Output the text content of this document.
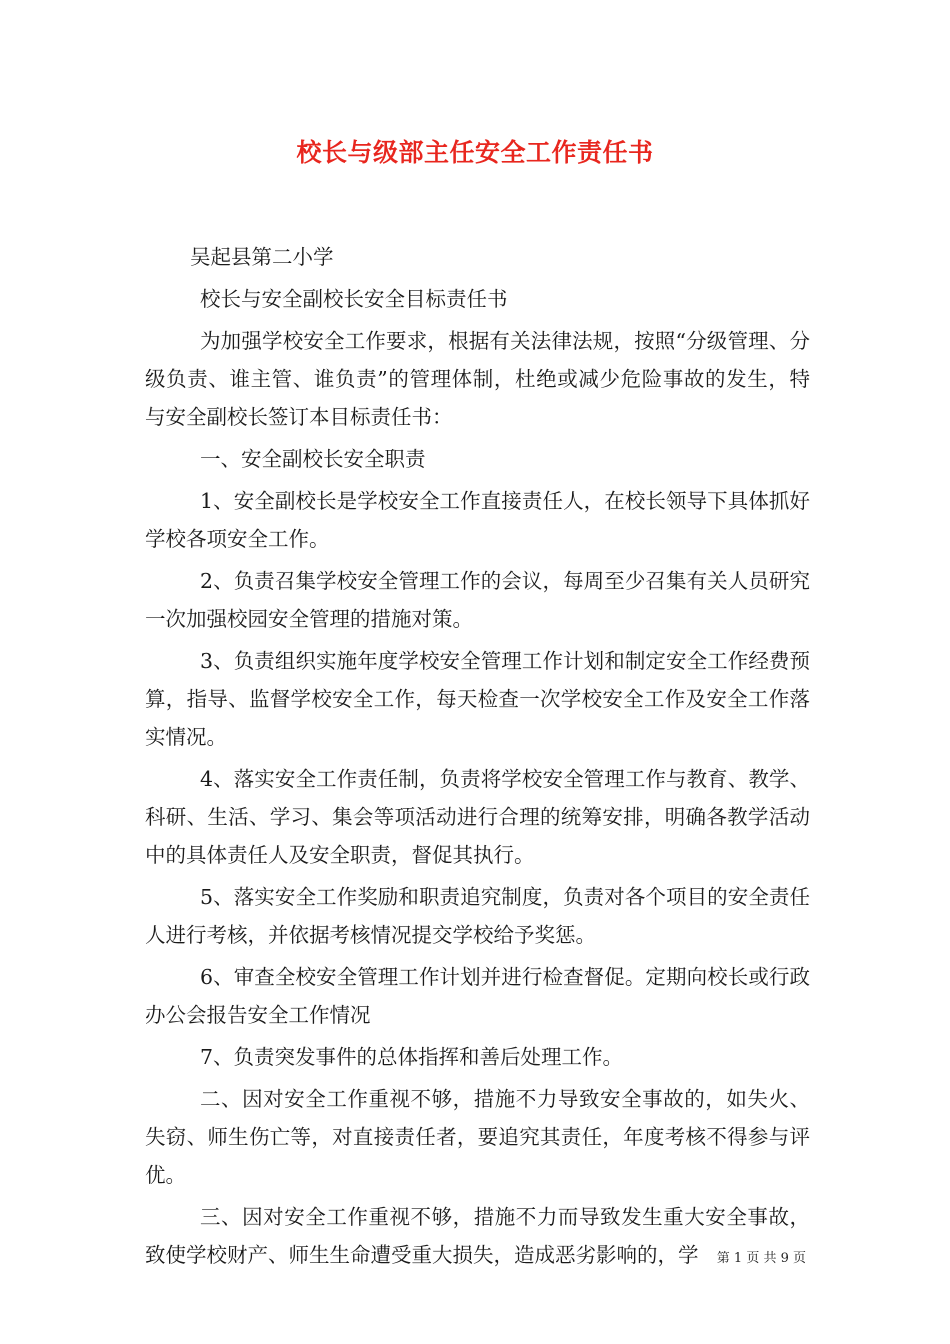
校长与级部主任安全工作责任书

吴起县第二小学

校长与安全副校长安全目标责任书

为加强学校安全工作要求，根据有关法律法规，按照“分级管理、分级负责、谁主管、谁负责”的管理体制，杜绝或减少危险事故的发生，特与安全副校长签订本目标责任书：

一、安全副校长安全职责

1、安全副校长是学校安全工作直接责任人，在校长领导下具体抓好学校各项安全工作。

2、负责召集学校安全管理工作的会议，每周至少召集有关人员研究一次加强校园安全管理的措施对策。

3、负责组织实施年度学校安全管理工作计划和制定安全工作经费预算，指导、监督学校安全工作，每天检查一次学校安全工作及安全工作落实情况。

4、落实安全工作责任制，负责将学校安全管理工作与教育、教学、科研、生活、学习、集会等项活动进行合理的统筹安排，明确各教学活动中的具体责任人及安全职责，督促其执行。

5、落实安全工作奖励和职责追究制度，负责对各个项目的安全责任人进行考核，并依据考核情况提交学校给予奖惩。

6、审查全校安全管理工作计划并进行检查督促。定期向校长或行政办公会报告安全工作情况

7、负责突发事件的总体指挥和善后处理工作。

二、因对安全工作重视不够，措施不力导致安全事故的，如失火、失窃、师生伤亡等，对直接责任者，要追究其责任，年度考核不得参与评优。

三、因对安全工作重视不够，措施不力而导致发生重大安全事故，致使学校财产、师生生命遭受重大损失，造成恶劣影响的，学	第 1 页 共 9 页
